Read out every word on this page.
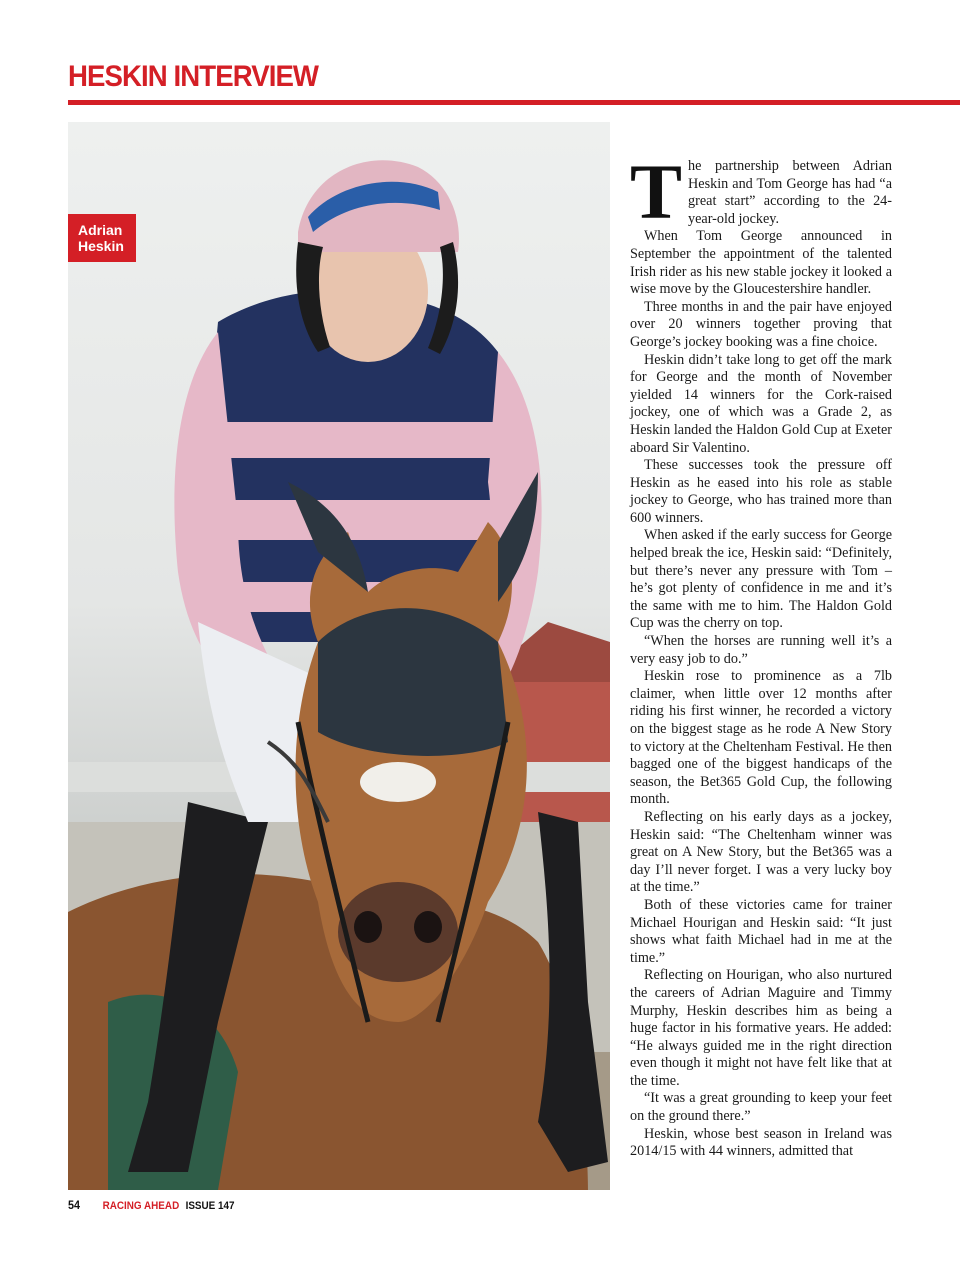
HESKIN INTERVIEW
Adrian
Heskin

The partnership between Adrian Heskin and Tom George has had “a great start” according to the 24-year-old jockey.

When Tom George announced in September the appointment of the talented Irish rider as his new stable jockey it looked a wise move by the Gloucestershire handler.

Three months in and the pair have enjoyed over 20 winners together proving that George’s jockey booking was a fine choice.

Heskin didn’t take long to get off the mark for George and the month of November yielded 14 winners for the Cork-raised jockey, one of which was a Grade 2, as Heskin landed the Haldon Gold Cup at Exeter aboard Sir Valentino.

These successes took the pressure off Heskin as he eased into his role as stable jockey to George, who has trained more than 600 winners.

When asked if the early success for George helped break the ice, Heskin said: “Definitely, but there’s never any pressure with Tom – he’s got plenty of confidence in me and it’s the same with me to him. The Haldon Gold Cup was the cherry on top.

“When the horses are running well it’s a very easy job to do.”

Heskin rose to prominence as a 7lb claimer, when little over 12 months after riding his first winner, he recorded a victory on the biggest stage as he rode A New Story to victory at the Cheltenham Festival. He then bagged one of the biggest handicaps of the season, the Bet365 Gold Cup, the following month.

Reflecting on his early days as a jockey, Heskin said: “The Cheltenham winner was great on A New Story, but the Bet365 was a day I’ll never forget. I was a very lucky boy at the time.”

Both of these victories came for trainer Michael Hourigan and Heskin said: “It just shows what faith Michael had in me at the time.”

Reflecting on Hourigan, who also nurtured the careers of Adrian Maguire and Timmy Murphy, Heskin describes him as being a huge factor in his formative years. He added: “He always guided me in the right direction even though it might not have felt like that at the time.

“It was a great grounding to keep your feet on the ground there.”

Heskin, whose best season in Ireland was 2014/15 with 44 winners, admitted that

54 RACING AHEAD ISSUE 147
